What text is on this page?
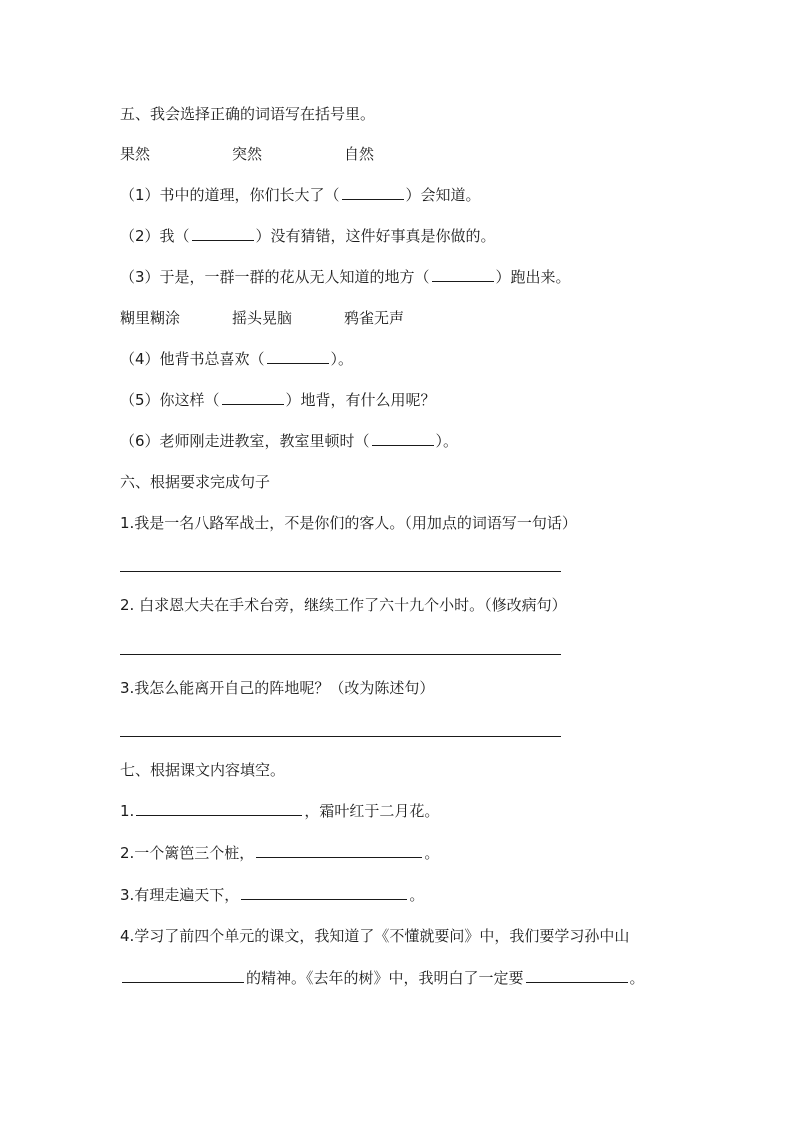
五、我会选择正确的词语写在括号里。
果然	突然	自然
（1）书中的道理，你们长大了（	）会知道。
（2）我（	）没有猜错，这件好事真是你做的。
（3）于是，一群一群的花从无人知道的地方（	）跑出来。
糊里糊涂	摇头晃脑	鸦雀无声
（4）他背书总喜欢（	）。
（5）你这样（	）地背，有什么用呢？
（6）老师刚走进教室，教室里顿时（	）。
六、根据要求完成句子
1.我是一名八路军战士，不是你们的客人。（用加点的词语写一句话）
2. 白求恩大夫在手术台旁，继续工作了六十九个小时。（修改病句）
3.我怎么能离开自己的阵地呢？（改为陈述句）
七、根据课文内容填空。
1.	，霜叶红于二月花。
2.一个篱笆三个桩，	。
3.有理走遍天下，	。
4.学习了前四个单元的课文，我知道了《不懂就要问》中，我们要学习孙中山
的精神。《去年的树》中，我明白了一定要	。
